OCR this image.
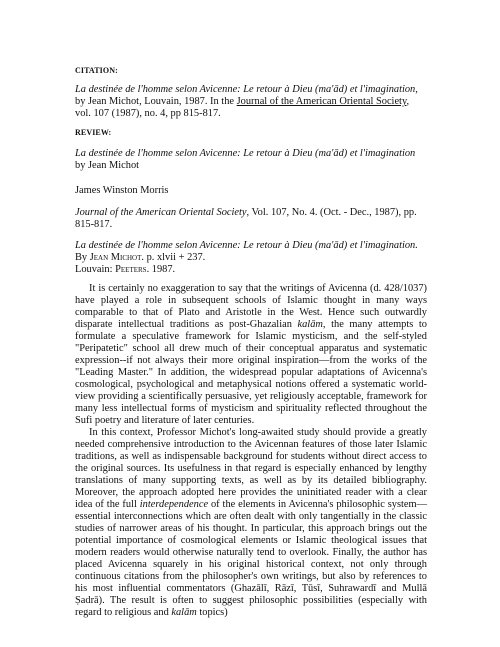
CITATION:
La destinée de l'homme selon Avicenne: Le retour à Dieu (ma'ād) et l'imagination, by Jean Michot, Louvain, 1987. In the Journal of the American Oriental Society, vol. 107 (1987), no. 4, pp 815-817.
REVIEW:
La destinée de l'homme selon Avicenne: Le retour à Dieu (ma'ād) et l'imagination by Jean Michot
James Winston Morris
Journal of the American Oriental Society, Vol. 107, No. 4. (Oct. - Dec., 1987), pp. 815-817.
La destinée de l'homme selon Avicenne: Le retour à Dieu (ma'ād) et l'imagination. By Jean Michot. p. xlvii + 237.
Louvain: Peeters. 1987.

It is certainly no exaggeration to say that the writings of Avicenna (d. 428/1037) have played a role in subsequent schools of Islamic thought in many ways comparable to that of Plato and Aristotle in the West. Hence such outwardly disparate intellectual traditions as post-Ghazalian kalām, the many attempts to formulate a speculative framework for Islamic mysticism, and the self-styled "Peripatetic" school all drew much of their conceptual apparatus and systematic expression--if not always their more original inspiration—from the works of the "Leading Master." In addition, the widespread popular adaptations of Avicenna's cosmological, psychological and metaphysical notions offered a systematic world-view providing a scientifically persuasive, yet religiously acceptable, framework for many less intellectual forms of mysticism and spirituality reflected throughout the Sufi poetry and literature of later centuries.

In this context, Professor Michot's long-awaited study should provide a greatly needed comprehensive introduction to the Avicennan features of those later Islamic traditions, as well as indispensable background for students without direct access to the original sources. Its usefulness in that regard is especially enhanced by lengthy translations of many supporting texts, as well as by its detailed bibliography. Moreover, the approach adopted here provides the uninitiated reader with a clear idea of the full interdependence of the elements in Avicenna's philosophic system—essential interconnections which are often dealt with only tangentially in the classic studies of narrower areas of his thought. In particular, this approach brings out the potential importance of cosmological elements or Islamic theological issues that modern readers would otherwise naturally tend to overlook. Finally, the author has placed Avicenna squarely in his original historical context, not only through continuous citations from the philosopher's own writings, but also by references to his most influential commentators (Ghazālī, Rāzī, Tūsī, Suhrawardī and Mullā Ṣadrā). The result is often to suggest philosophic possibilities (especially with regard to religious and kalām topics)
